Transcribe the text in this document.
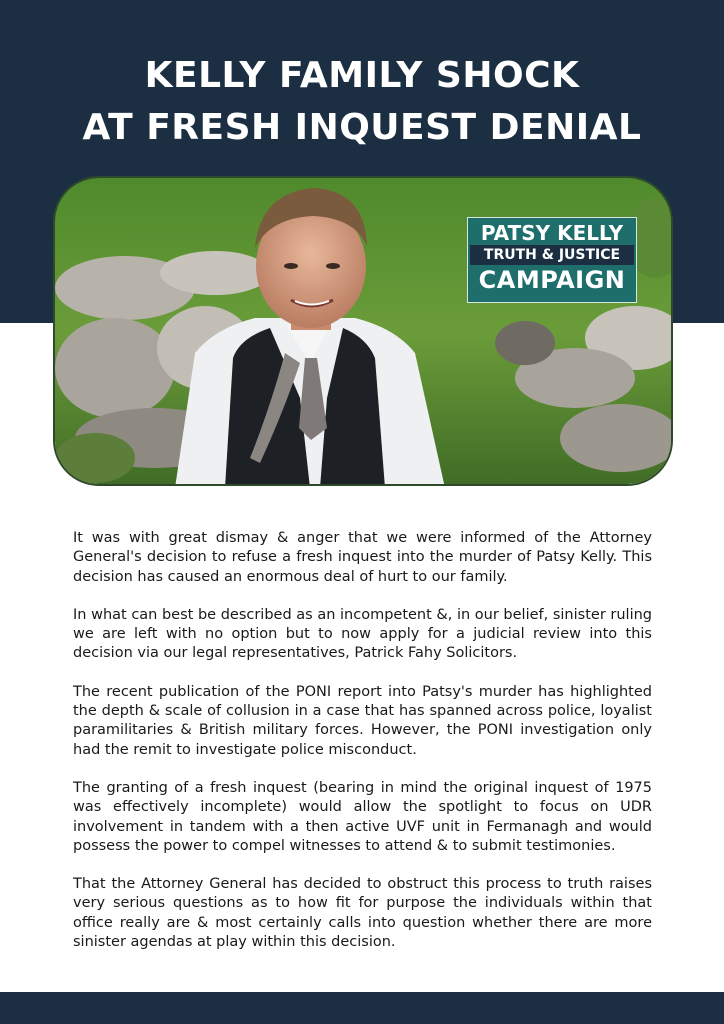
KELLY FAMILY SHOCK
AT FRESH INQUEST DENIAL
PATSY KELLY
TRUTH & JUSTICE
CAMPAIGN

It was with great dismay & anger that we were informed of the Attorney General's decision to refuse a fresh inquest into the murder of Patsy Kelly. This decision has caused an enormous deal of hurt to our family.

In what can best be described as an incompetent &, in our belief, sinister ruling we are left with no option but to now apply for a judicial review into this decision via our legal representatives, Patrick Fahy Solicitors.

The recent publication of the PONI report into Patsy's murder has highlighted the depth & scale of collusion in a case that has spanned across police, loyalist paramilitaries & British military forces. However, the PONI investigation only had the remit to investigate police misconduct.

The granting of a fresh inquest (bearing in mind the original inquest of 1975 was effectively incomplete) would allow the spotlight to focus on UDR involvement in tandem with a then active UVF unit in Fermanagh and would possess the power to compel witnesses to attend & to submit testimonies.

That the Attorney General has decided to obstruct this process to truth raises very serious questions as to how fit for purpose the individuals within that office really are & most certainly calls into question whether there are more sinister agendas at play within this decision.
